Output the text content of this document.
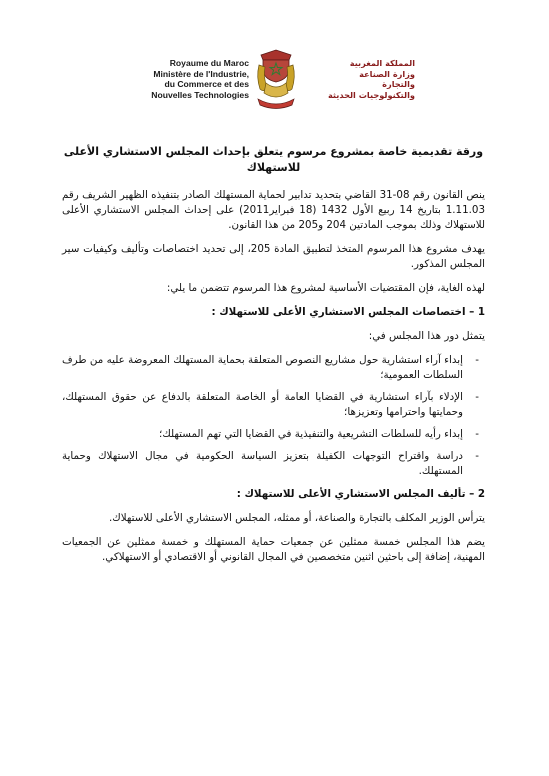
Royaume du Maroc
Ministère de l'Industrie,
du Commerce et des
Nouvelles Technologies
المملكة المغربية
وزارة الصناعة
والتجارة
والتكنولوجيات الحديثة
ورقة تقديمية خاصة بمشروع مرسوم يتعلق بإحداث المجلس الاستشاري الأعلى
للاستهلاك

ينص القانون رقم 08-31 القاضي بتحديد تدابير لحماية المستهلك الصادر بتنفيذه الظهير الشريف رقم 1.11.03 بتاريخ 14 ربيع الأول 1432 (18 فبراير2011) على إحداث المجلس الاستشاري الأعلى للاستهلاك وذلك بموجب المادتين 204 و205 من هذا القانون.

يهدف مشروع هذا المرسوم المتخذ لتطبيق المادة 205، إلى تحديد اختصاصات وتأليف وكيفيات سير المجلس المذكور.

لهذه الغاية، فإن المقتضيات الأساسية لمشروع هذا المرسوم تتضمن ما يلي:

1 – اختصاصات المجلس الاستشاري الأعلى للاستهلاك :

يتمثل دور هذا المجلس في:

- إبداء آراء استشارية حول مشاريع النصوص المتعلقة بحماية المستهلك المعروضة عليه من طرف السلطات العمومية؛
- الإدلاء بآراء استشارية في القضايا العامة أو الخاصة المتعلقة بالدفاع عن حقوق المستهلك، وحمايتها واحترامها وتعزيزها؛
- إبداء رأيه للسلطات التشريعية والتنفيذية في القضايا التي تهم المستهلك؛
- دراسة واقتراح التوجهات الكفيلة بتعزيز السياسة الحكومية في مجال الاستهلاك وحماية المستهلك.
2 – تأليف المجلس الاستشاري الأعلى للاستهلاك :

يترأس الوزير المكلف بالتجارة والصناعة، أو ممثله، المجلس الاستشاري الأعلى للاستهلاك.

يضم هذا المجلس خمسة ممثلين عن جمعيات حماية المستهلك و خمسة ممثلين عن الجمعيات المهنية، إضافة إلى باحثين اثنين متخصصين في المجال القانوني أو الاقتصادي أو الاستهلاكي.
